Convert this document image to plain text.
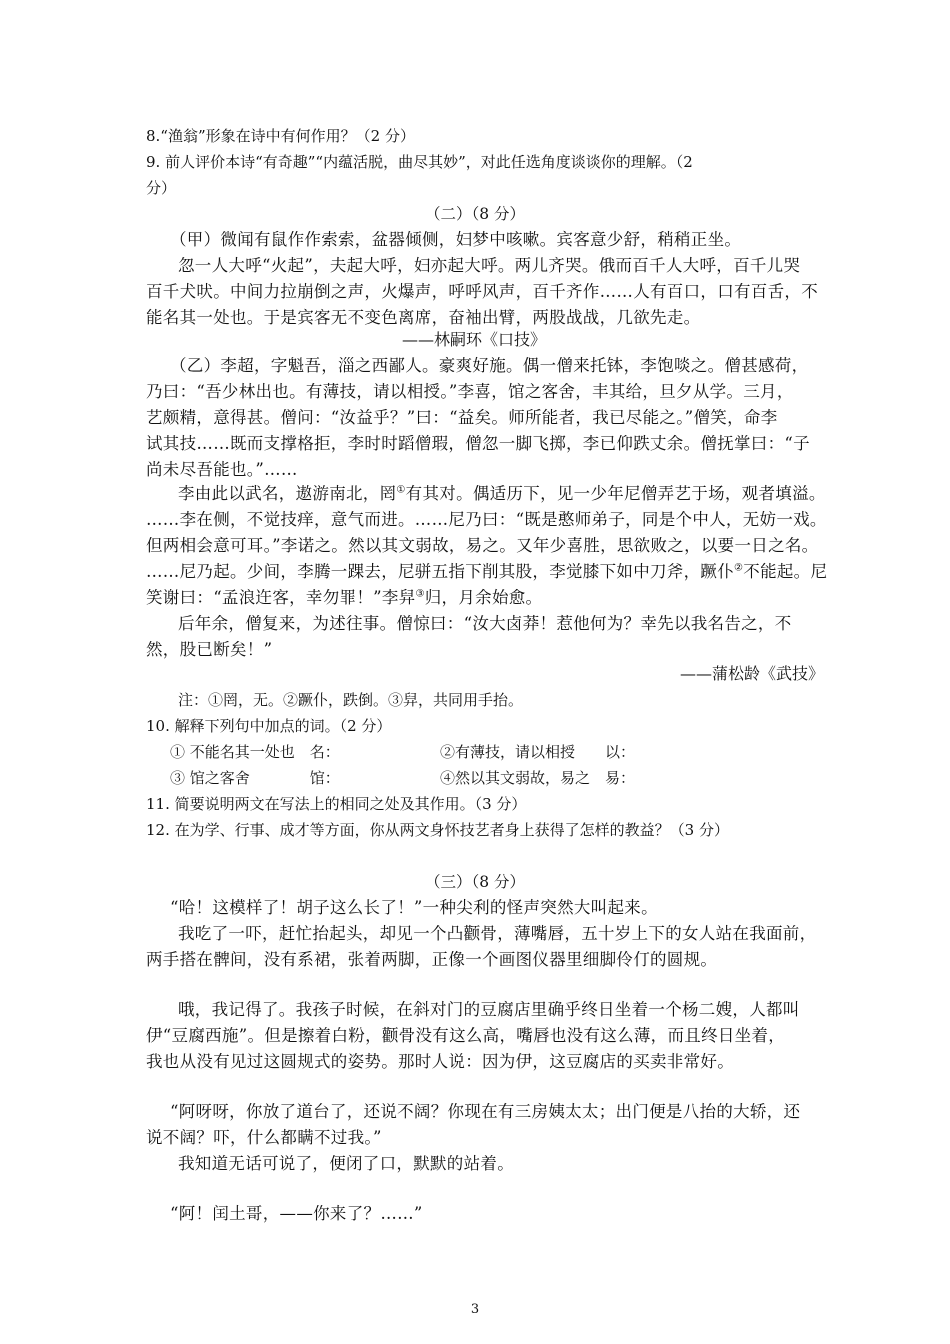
8.“渔翁”形象在诗中有何作用？（2 分）
9. 前人评价本诗“有奇趣”“内蕴活脱，曲尽其妙”，对此任选角度谈谈你的理解。（2
分）
（二）（8 分）
（甲）微闻有鼠作作索索，盆器倾侧，妇梦中咳嗽。宾客意少舒，稍稍正坐。
忽一人大呼“火起”，夫起大呼，妇亦起大呼。两儿齐哭。俄而百千人大呼，百千儿哭
百千犬吠。中间力拉崩倒之声，火爆声，呼呼风声，百千齐作……人有百口，口有百舌，不
能名其一处也。于是宾客无不变色离席，奋袖出臂，两股战战，几欲先走。
——林嗣环《口技》
（乙）李超，字魁吾，淄之西鄙人。豪爽好施。偶一僧来托钵，李饱啖之。僧甚感荷，
乃曰：“吾少林出也。有薄技，请以相授。”李喜，馆之客舍，丰其给，旦夕从学。三月，
艺颇精，意得甚。僧问：“汝益乎？”曰：“益矣。师所能者，我已尽能之。”僧笑，命李
试其技……既而支撑格拒，李时时蹈僧瑕，僧忽一脚飞掷，李已仰跌丈余。僧抚掌曰：“子
尚未尽吾能也。”……
李由此以武名，遨游南北，罔①有其对。偶适历下，见一少年尼僧弄艺于场，观者填溢。
……李在侧，不觉技痒，意气而进。……尼乃曰：“既是憨师弟子，同是个中人，无妨一戏。
但两相会意可耳。”李诺之。然以其文弱故，易之。又年少喜胜，思欲败之，以要一日之名。
……尼乃起。少间，李腾一踝去，尼骈五指下削其股，李觉膝下如中刀斧，蹶仆②不能起。尼
笑谢曰：“孟浪迕客，幸勿罪！”李舁③归，月余始愈。
后年余，僧复来，为述往事。僧惊曰：“汝大卤莽！惹他何为？幸先以我名告之，不
然，股已断矣！”
——蒲松龄《武技》
注：①罔，无。②蹶仆，跌倒。③舁，共同用手抬。
10. 解释下列句中加点的词。（2 分）
① 不能名其一处也　名：	②有薄技，请以相授　　以：
③ 馆之客舍　　　　馆：	④然以其文弱故，易之　易：
11. 简要说明两文在写法上的相同之处及其作用。（3 分）
12. 在为学、行事、成才等方面，你从两文身怀技艺者身上获得了怎样的教益？（3 分）
（三）（8 分）
“哈！这模样了！胡子这么长了！”一种尖利的怪声突然大叫起来。
我吃了一吓，赶忙抬起头，却见一个凸颧骨，薄嘴唇，五十岁上下的女人站在我面前，
两手搭在髀间，没有系裙，张着两脚，正像一个画图仪器里细脚伶仃的圆规。
哦，我记得了。我孩子时候，在斜对门的豆腐店里确乎终日坐着一个杨二嫂，人都叫
伊“豆腐西施”。但是擦着白粉，颧骨没有这么高，嘴唇也没有这么薄，而且终日坐着，
我也从没有见过这圆规式的姿势。那时人说：因为伊，这豆腐店的买卖非常好。
“阿呀呀，你放了道台了，还说不阔？你现在有三房姨太太；出门便是八抬的大轿，还
说不阔？吓，什么都瞒不过我。”
我知道无话可说了，便闭了口，默默的站着。
“阿！闰土哥，——你来了？……”
3
